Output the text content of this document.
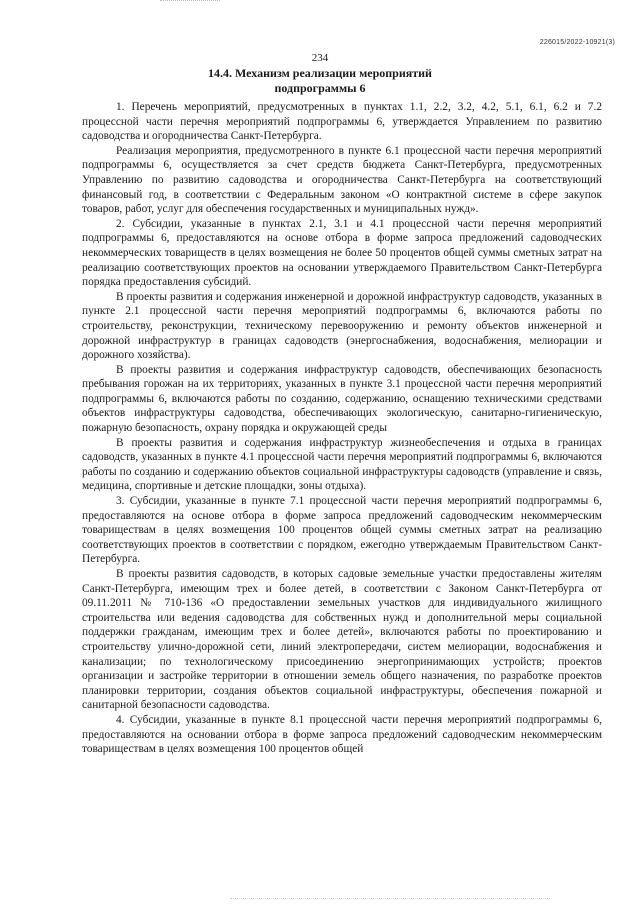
226015/2022-10921(3)
234
14.4. Механизм реализации мероприятий
подпрограммы 6

1. Перечень мероприятий, предусмотренных в пунктах 1.1, 2.2, 3.2, 4.2, 5.1, 6.1, 6.2 и 7.2 процессной части перечня мероприятий подпрограммы 6, утверждается Управлением по развитию садоводства и огородничества Санкт-Петербурга.

Реализация мероприятия, предусмотренного в пункте 6.1 процессной части перечня мероприятий подпрограммы 6, осуществляется за счет средств бюджета Санкт-Петербурга, предусмотренных Управлению по развитию садоводства и огородничества Санкт-Петербурга на соответствующий финансовый год, в соответствии с Федеральным законом «О контрактной системе в сфере закупок товаров, работ, услуг для обеспечения государственных и муниципальных нужд».

2. Субсидии, указанные в пунктах 2.1, 3.1 и 4.1 процессной части перечня мероприятий подпрограммы 6, предоставляются на основе отбора в форме запроса предложений садоводческих некоммерческих товариществ в целях возмещения не более 50 процентов общей суммы сметных затрат на реализацию соответствующих проектов на основании утверждаемого Правительством Санкт-Петербурга порядка предоставления субсидий.

В проекты развития и содержания инженерной и дорожной инфраструктур садоводств, указанных в пункте 2.1 процессной части перечня мероприятий подпрограммы 6, включаются работы по строительству, реконструкции, техническому перевооружению и ремонту объектов инженерной и дорожной инфраструктур в границах садоводств (энергоснабжения, водоснабжения, мелиорации и дорожного хозяйства).

В проекты развития и содержания инфраструктур садоводств, обеспечивающих безопасность пребывания горожан на их территориях, указанных в пункте 3.1 процессной части перечня мероприятий подпрограммы 6, включаются работы по созданию, содержанию, оснащению техническими средствами объектов инфраструктуры садоводства, обеспечивающих экологическую, санитарно-гигиеническую, пожарную безопасность, охрану порядка и окружающей среды

В проекты развития и содержания инфраструктур жизнеобеспечения и отдыха в границах садоводств, указанных в пункте 4.1 процессной части перечня мероприятий подпрограммы 6, включаются работы по созданию и содержанию объектов социальной инфраструктуры садоводств (управление и связь, медицина, спортивные и детские площадки, зоны отдыха).

3. Субсидии, указанные в пункте 7.1 процессной части перечня мероприятий подпрограммы 6, предоставляются на основе отбора в форме запроса предложений садоводческим некоммерческим товариществам в целях возмещения 100 процентов общей суммы сметных затрат на реализацию соответствующих проектов в соответствии с порядком, ежегодно утверждаемым Правительством Санкт-Петербурга.

В проекты развития садоводств, в которых садовые земельные участки предоставлены жителям Санкт-Петербурга, имеющим трех и более детей, в соответствии с Законом Санкт-Петербурга от 09.11.2011 № 710-136 «О предоставлении земельных участков для индивидуального жилищного строительства или ведения садоводства для собственных нужд и дополнительной меры социальной поддержки гражданам, имеющим трех и более детей», включаются работы по проектированию и строительству улично-дорожной сети, линий электропередачи, систем мелиорации, водоснабжения и канализации; по технологическому присоединению энергопринимающих устройств; проектов организации и застройке территории в отношении земель общего назначения, по разработке проектов планировки территории, создания объектов социальной инфраструктуры, обеспечения пожарной и санитарной безопасности садоводства.

4. Субсидии, указанные в пункте 8.1 процессной части перечня мероприятий подпрограммы 6, предоставляются на основании отбора в форме запроса предложений садоводческим некоммерческим товариществам в целях возмещения 100 процентов общей
